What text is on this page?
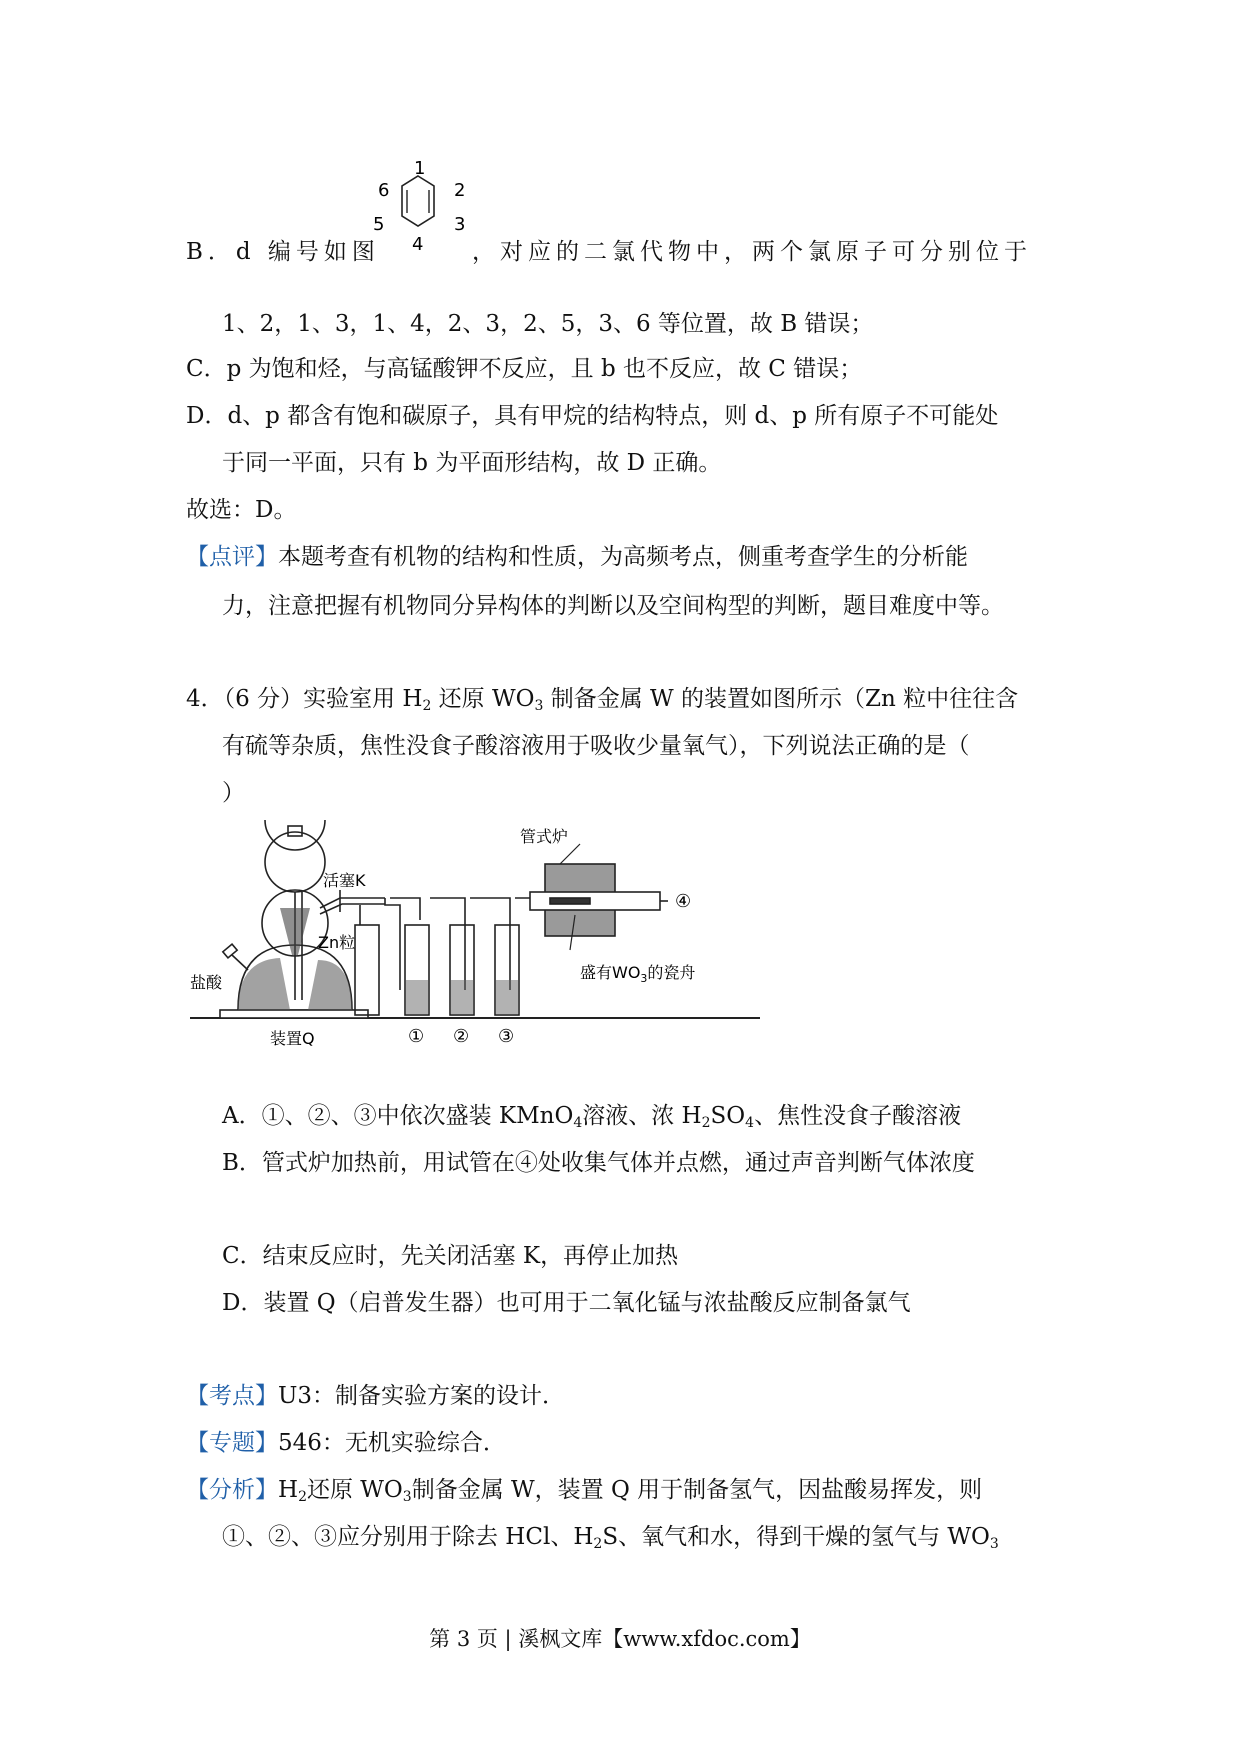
B．d 编号如图
1
2
3
4
5
6
，对应的二氯代物中，两个氯原子可分别位于
1、2，1、3，1、4，2、3，2、5，3、6 等位置，故 B 错误；
C．p 为饱和烃，与高锰酸钾不反应，且 b 也不反应，故 C 错误；
D．d、p 都含有饱和碳原子，具有甲烷的结构特点，则 d、p 所有原子不可能处
于同一平面，只有 b 为平面形结构，故 D 正确。
故选：D。
【点评】本题考查有机物的结构和性质，为高频考点，侧重考查学生的分析能
力，注意把握有机物同分异构体的判断以及空间构型的判断，题目难度中等。
4．（6 分）实验室用 $H_2$ 还原 $WO_3$ 制备金属 W 的装置如图所示（Zn 粒中往往含
有硫等杂质，焦性没食子酸溶液用于吸收少量氧气），下列说法正确的是（
）
管式炉
活塞K
Zn粒
盐酸
装置Q
盛有$WO_3$的瓷舟
④
① ② ③
A．①、②、③中依次盛装 KMnO$_4$溶液、浓 $H_2SO_4$、焦性没食子酸溶液
B．管式炉加热前，用试管在④处收集气体并点燃，通过声音判断气体浓度
C．结束反应时，先关闭活塞 K，再停止加热
D．装置 Q（启普发生器）也可用于二氧化锰与浓盐酸反应制备氯气
【考点】U3：制备实验方案的设计．
【专题】546：无机实验综合．
【分析】$H_2$还原 $WO_3$制备金属 W，装置 Q 用于制备氢气，因盐酸易挥发，则
①、②、③应分别用于除去 HCl、$H_2S$、氧气和水，得到干燥的氢气与 $WO_3$
第 3 页 | 溪枫文库【www.xfdoc.com】
